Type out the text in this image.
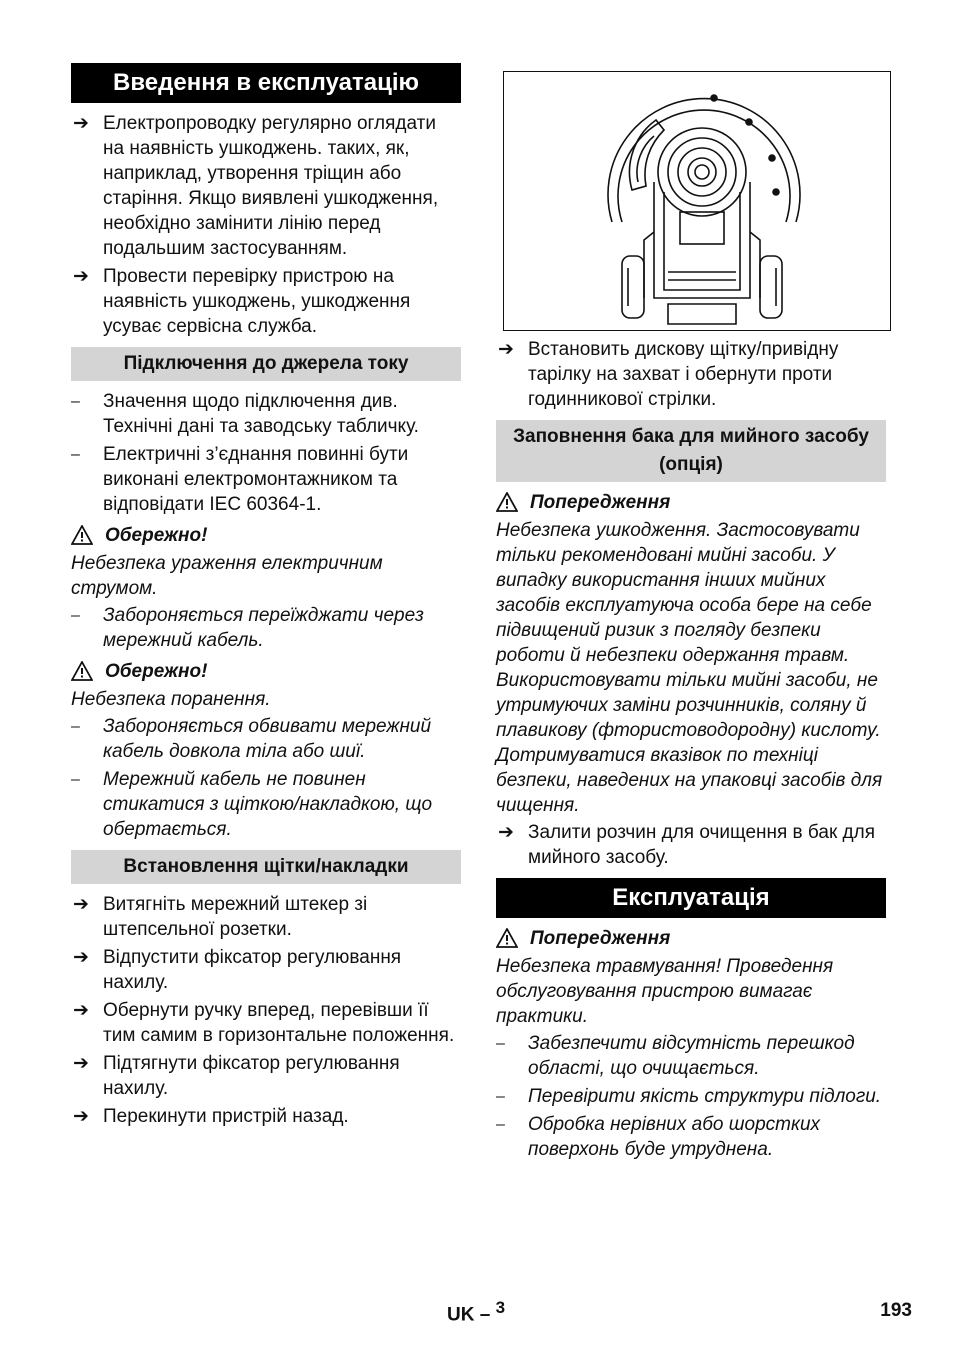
Введення в експлуатацію
➔ Електропроводку регулярно оглядати на наявність ушкоджень. таких, як, наприклад, утворення тріщин або старіння. Якщо виявлені ушкодження, необхідно замінити лінію перед подальшим застосуванням.
➔ Провести перевірку пристрою на наявність ушкоджень, ушкодження усуває сервісна служба.
Підключення до джерела току
– Значення щодо підключення див. Технічні дані та заводську табличку.
– Електричні з’єднання повинні бути виконані електромонтажником та відповідати IEC 60364-1.
Обережно!
Небезпека ураження електричним струмом.
– Забороняється переїжджати через мережний кабель.
Обережно!
Небезпека поранення.
– Забороняється обвивати мережний кабель довкола тіла або шиї.
– Мережний кабель не повинен стикатися з щіткою/накладкою, що обертається.
Встановлення щітки/накладки
➔ Витягніть мережний штекер зі штепсельної розетки.
➔ Відпустити фіксатор регулювання нахилу.
➔ Обернути ручку вперед, перевівши її тим самим в горизонтальне положення.
➔ Підтягнути фіксатор регулювання нахилу.
➔ Перекинути пристрій назад.
➔ Встановить дискову щітку/привідну тарілку на захват і обернути проти годинникової стрілки.
Заповнення бака для мийного засобу (опція)
Попередження
Небезпека ушкодження. Застосовувати тільки рекомендовані мийні засоби. У випадку використання інших мийних засобів експлуатуюча особа бере на себе підвищений ризик з погляду безпеки роботи й небезпеки одержання травм. Використовувати тільки мийні засоби, не утримуючих заміни розчинників, соляну й плавикову (фтористоводородну) кислоту. Дотримуватися вказівок по техніці безпеки, наведених на упаковці засобів для чищення.
➔ Залити розчин для очищення в бак для мийного засобу.
Експлуатація
Попередження
Небезпека травмування! Проведення обслуговування пристрою вимагає практики.
– Забезпечити відсутність перешкод області, що очищається.
– Перевірити якість структури підлоги.
– Обробка нерівних або шорстких поверхонь буде утруднена.
UK – $^3$	193
